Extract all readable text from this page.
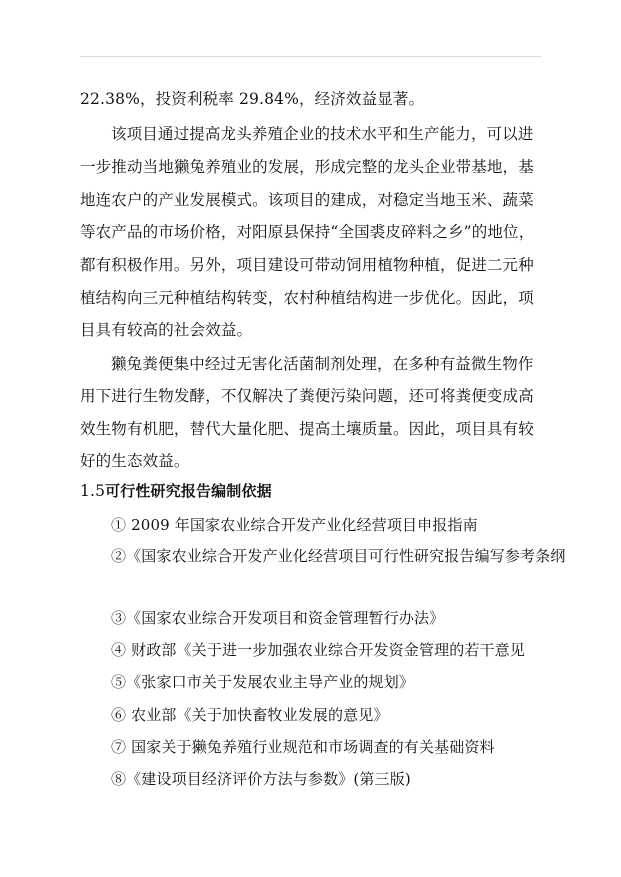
22.38%，投资利税率 29.84%，经济效益显著。
该项目通过提高龙头养殖企业的技术水平和生产能力，可以进
一步推动当地獭兔养殖业的发展，形成完整的龙头企业带基地，基
地连农户的产业发展模式。该项目的建成，对稳定当地玉米、蔬菜
等农产品的市场价格，对阳原县保持“全国裘皮碎料之乡”的地位，
都有积极作用。另外，项目建设可带动饲用植物种植，促进二元种
植结构向三元种植结构转变，农村种植结构进一步优化。因此，项
目具有较高的社会效益。
獭兔粪便集中经过无害化活菌制剂处理，在多种有益微生物作
用下进行生物发酵，不仅解决了粪便污染问题，还可将粪便变成高
效生物有机肥，替代大量化肥、提高土壤质量。因此，项目具有较
好的生态效益。
1.5可行性研究报告编制依据
① 2009 年国家农业综合开发产业化经营项目申报指南
②《国家农业综合开发产业化经营项目可行性研究报告编写参考条纲
③《国家农业综合开发项目和资金管理暂行办法》
④ 财政部《关于进一步加强农业综合开发资金管理的若干意见
⑤《张家口市关于发展农业主导产业的规划》
⑥ 农业部《关于加快畜牧业发展的意见》
⑦ 国家关于獭兔养殖行业规范和市场调查的有关基础资料
⑧《建设项目经济评价方法与参数》(第三版)
